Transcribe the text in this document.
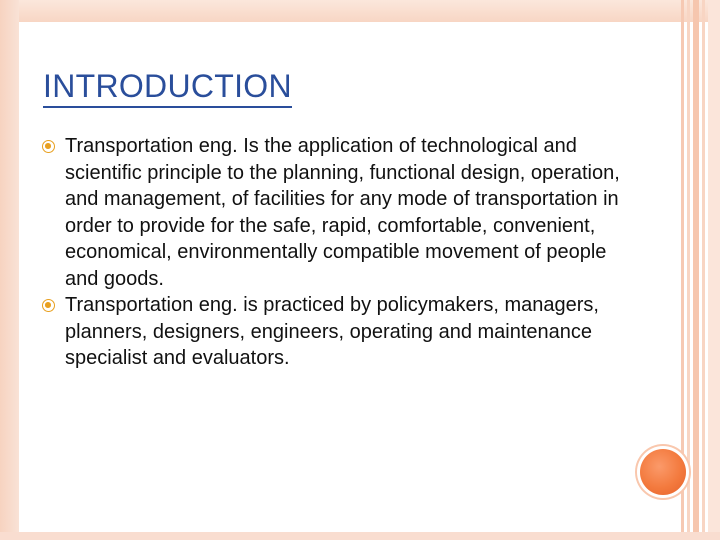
INTRODUCTION
Transportation eng. Is the application of technological and scientific principle to the planning, functional design, operation, and management, of facilities for any mode of transportation in order to provide for the safe, rapid, comfortable, convenient, economical, environmentally compatible movement of people and goods.
Transportation eng. is practiced by policymakers, managers, planners, designers, engineers, operating and maintenance specialist and evaluators.
